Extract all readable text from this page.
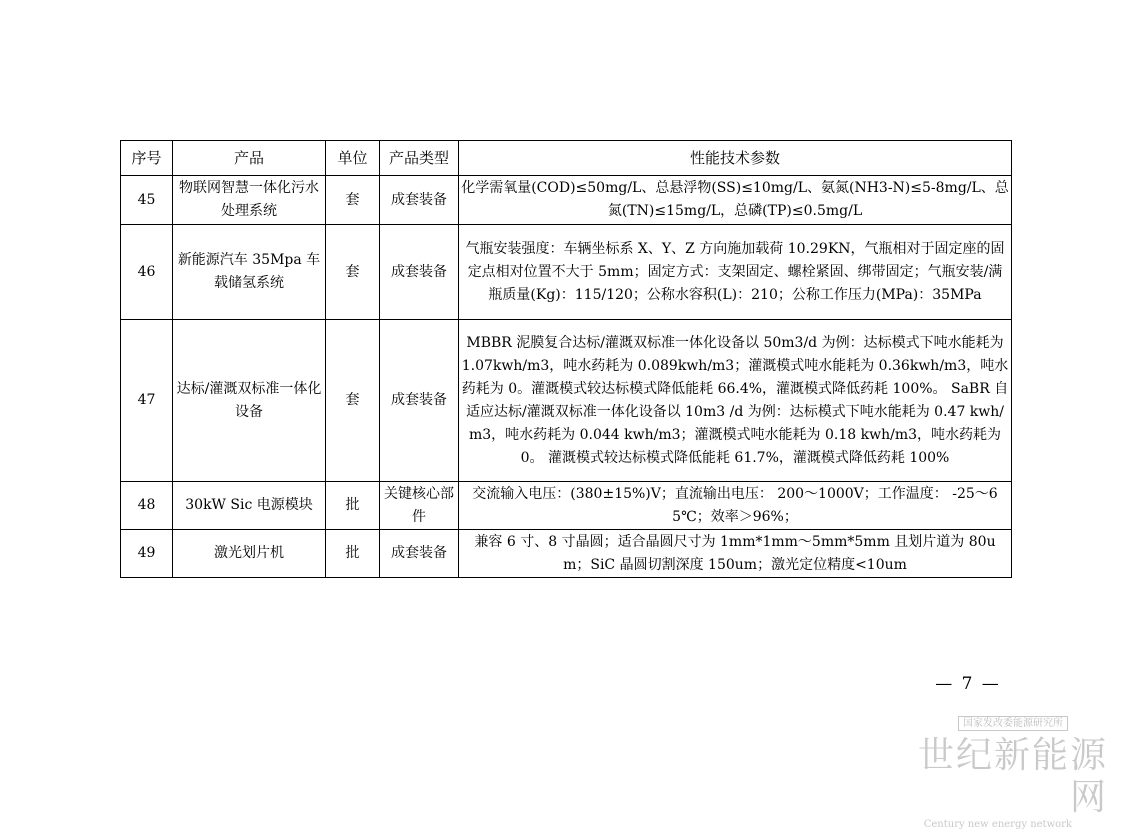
序号	产品	单位	产品类型	性能技术参数
45	物联网智慧一体化污水处理系统	套	成套装备	化学需氧量(COD)≤50mg/L、总悬浮物(SS)≤10mg/L、氨氮(NH3-N)≤5-8mg/L、总氮(TN)≤15mg/L，总磷(TP)≤0.5mg/L
46	新能源汽车 35Mpa 车载储氢系统	套	成套装备	气瓶安装强度：车辆坐标系 X、Y、Z 方向施加载荷 10.29KN，气瓶相对于固定座的固定点相对位置不大于 5mm；固定方式：支架固定、螺栓紧固、绑带固定；气瓶安装/满瓶质量(Kg)：115/120；公称水容积(L)：210；公称工作压力(MPa)：35MPa
47	达标/灌溉双标准一体化设备	套	成套装备	MBBR 泥膜复合达标/灌溉双标准一体化设备以 50m3/d 为例：达标模式下吨水能耗为 1.07kwh/m3，吨水药耗为 0.089kwh/m3；灌溉模式吨水能耗为 0.36kwh/m3，吨水药耗为 0。灌溉模式较达标模式降低能耗 66.4%，灌溉模式降低药耗 100%。 SaBR 自适应达标/灌溉双标准一体化设备以 10m3 /d 为例：达标模式下吨水能耗为 0.47 kwh/m3，吨水药耗为 0.044 kwh/m3；灌溉模式吨水能耗为 0.18 kwh/m3，吨水药耗为 0。 灌溉模式较达标模式降低能耗 61.7%，灌溉模式降低药耗 100%
48	30kW Sic 电源模块	批	关键核心部件	交流输入电压：(380±15%)V；直流输出电压： 200～1000V；工作温度： -25～65℃；效率＞96%；
49	激光划片机	批	成套装备	兼容 6 寸、8 寸晶圆；适合晶圆尺寸为 1mm*1mm～5mm*5mm 且划片道为 80um；SiC 晶圆切割深度 150um；激光定位精度<10um
— 7 —
国家发改委能源研究所
世纪新能源网
Century new energy network
